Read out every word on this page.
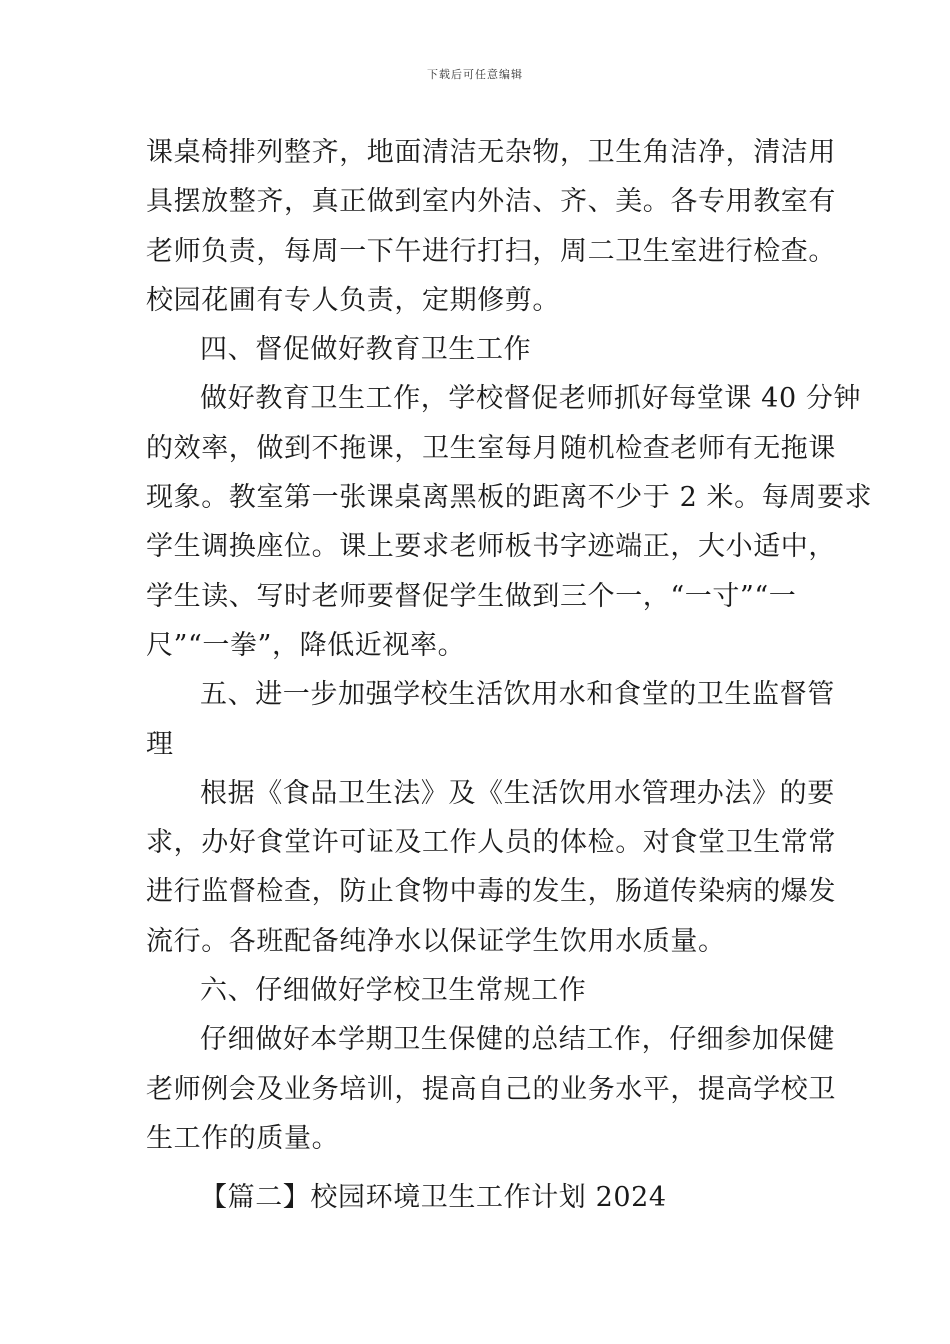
下载后可任意编辑
课桌椅排列整齐，地面清洁无杂物，卫生角洁净，清洁用
具摆放整齐，真正做到室内外洁、齐、美。各专用教室有
老师负责，每周一下午进行打扫，周二卫生室进行检查。
校园花圃有专人负责，定期修剪。
四、督促做好教育卫生工作
做好教育卫生工作，学校督促老师抓好每堂课 40 分钟
的效率，做到不拖课，卫生室每月随机检查老师有无拖课
现象。教室第一张课桌离黑板的距离不少于 2 米。每周要求
学生调换座位。课上要求老师板书字迹端正，大小适中，
学生读、写时老师要督促学生做到三个一，“一寸”“一
尺”“一拳”，降低近视率。
五、进一步加强学校生活饮用水和食堂的卫生监督管
理
根据《食品卫生法》及《生活饮用水管理办法》的要
求，办好食堂许可证及工作人员的体检。对食堂卫生常常
进行监督检查，防止食物中毒的发生，肠道传染病的爆发
流行。各班配备纯净水以保证学生饮用水质量。
六、仔细做好学校卫生常规工作
仔细做好本学期卫生保健的总结工作，仔细参加保健
老师例会及业务培训，提高自己的业务水平，提高学校卫
生工作的质量。
【篇二】校园环境卫生工作计划 2024
